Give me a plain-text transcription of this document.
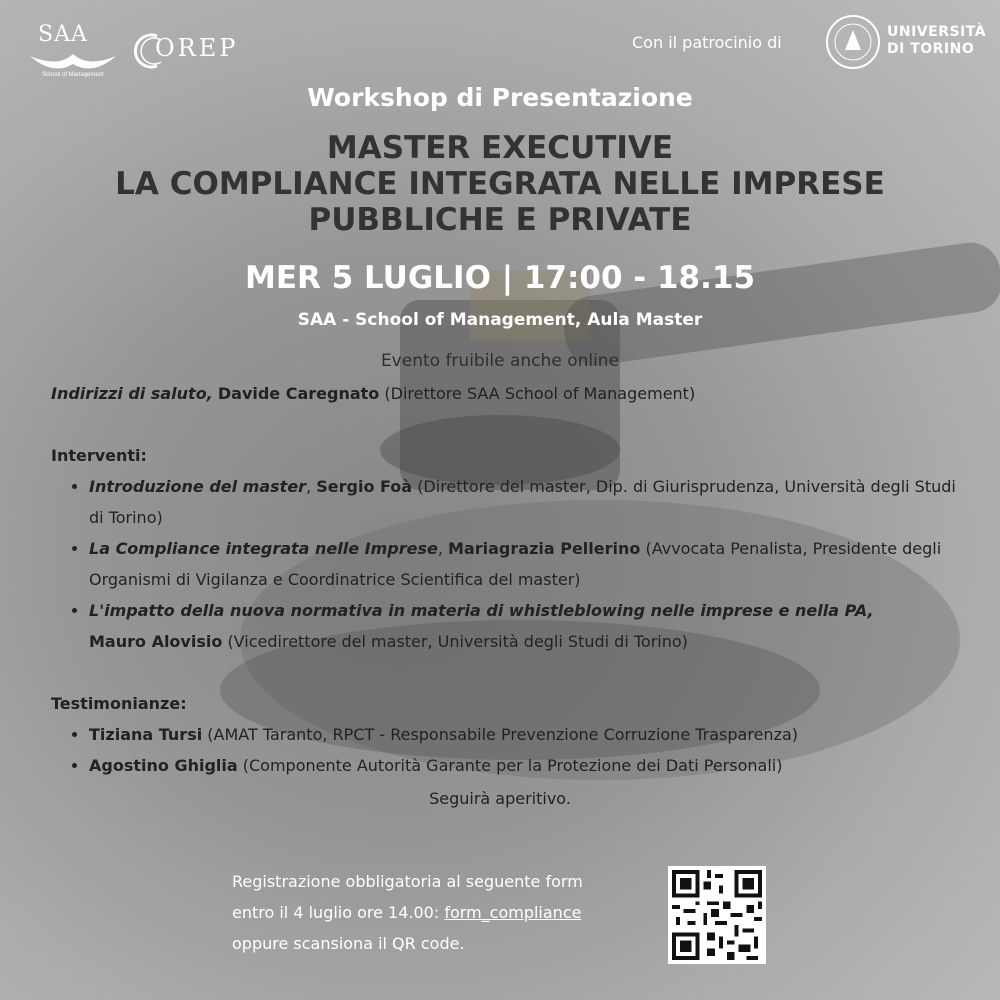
SAA
School of Management
OREP	Con il patrocinio di
UNIVERSITÀ
DI TORINO
Workshop di Presentazione
MASTER EXECUTIVE
LA COMPLIANCE INTEGRATA NELLE IMPRESE
PUBBLICHE E PRIVATE
MER 5 LUGLIO | 17:00 - 18.15
SAA - School of Management, Aula Master
Evento fruibile anche online

Indirizzi di saluto, Davide Caregnato (Direttore SAA School of Management)

Interventi:

• Introduzione del master, Sergio Foà (Direttore del master, Dip. di Giurisprudenza, Università degli Studi di Torino)
• La Compliance integrata nelle Imprese, Mariagrazia Pellerino (Avvocata Penalista, Presidente degli Organismi di Vigilanza e Coordinatrice Scientifica del master)
• L'impatto della nuova normativa in materia di whistleblowing nelle imprese e nella PA,
Mauro Alovisio (Vicedirettore del master, Università degli Studi di Torino)

Testimonianze:

• Tiziana Tursi (AMAT Taranto, RPCT - Responsabile Prevenzione Corruzione Trasparenza)
• Agostino Ghiglia (Componente Autorità Garante per la Protezione dei Dati Personali)
Seguirà aperitivo.
Registrazione obbligatoria al seguente form
entro il 4 luglio ore 14.00: form_compliance
oppure scansiona il QR code.
